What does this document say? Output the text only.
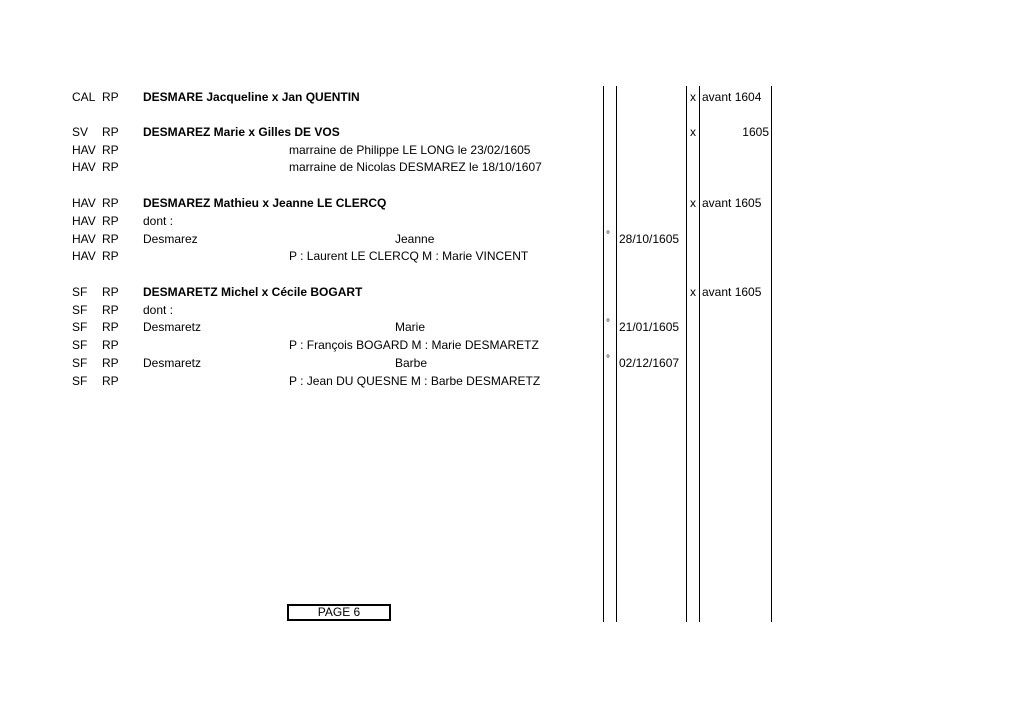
CAL RP DESMARE Jacqueline x Jan QUENTIN	x avant 1604
SV RP DESMAREZ Marie x Gilles DE VOS	x	1605
HAV RP	marraine de Philippe LE LONG le 23/02/1605
HAV RP	marraine de Nicolas DESMAREZ le 18/10/1607
HAV RP DESMAREZ Mathieu x Jeanne LE CLERCQ	x avant 1605
HAV RP dont :
HAV RP Desmarez	Jeanne	° 28/10/1605
HAV RP	P : Laurent LE CLERCQ M : Marie VINCENT
SF RP DESMARETZ Michel x Cécile BOGART	x avant 1605
SF RP dont :
SF RP Desmaretz	Marie	° 21/01/1605
SF RP	P : François BOGARD M : Marie DESMARETZ
SF RP Desmaretz	Barbe	° 02/12/1607
SF RP	P : Jean DU QUESNE M : Barbe DESMARETZ
PAGE 6
